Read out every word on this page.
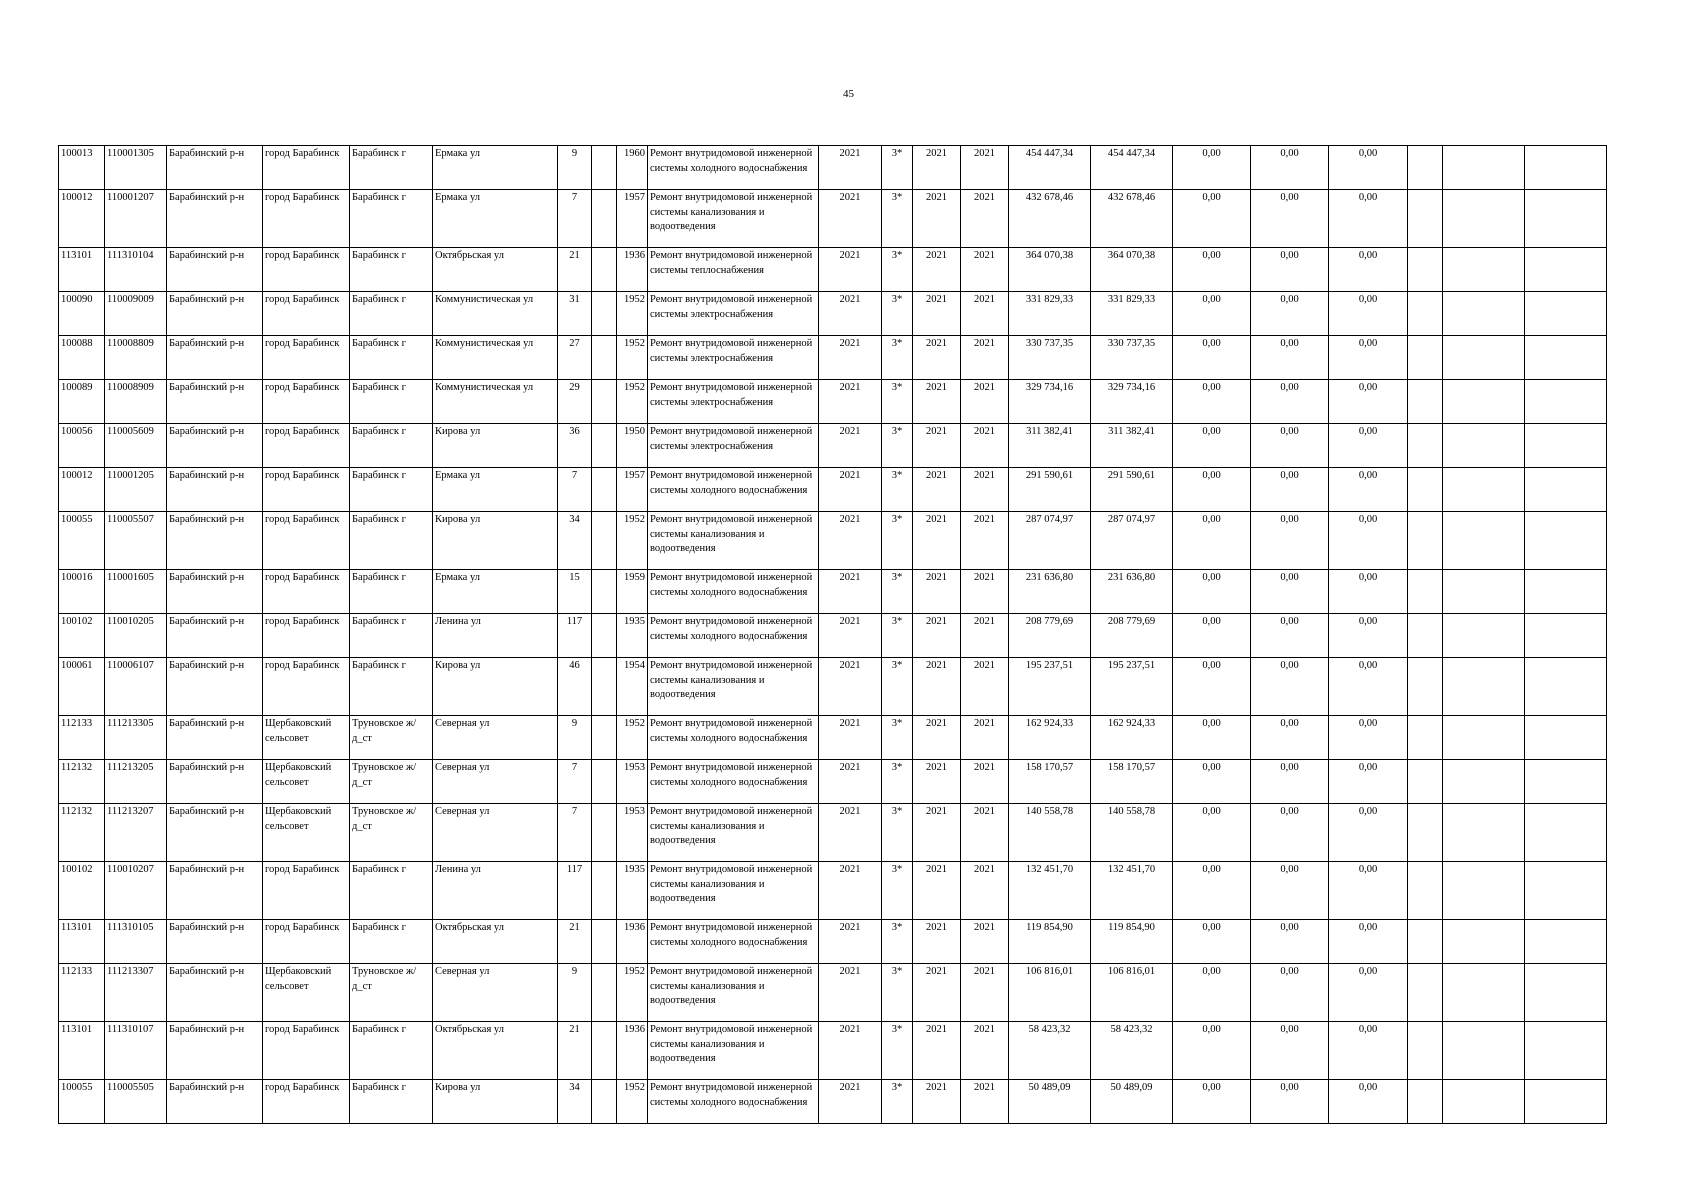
45
100013	110001305	Барабинский р-н	город Барабинск	Барабинск г	Ермака ул	9		1960	Ремонт внутридомовой инженерной системы холодного водоснабжения	2021	3*	2021	2021	454 447,34	454 447,34	0,00	0,00	0,00			
100012	110001207	Барабинский р-н	город Барабинск	Барабинск г	Ермака ул	7		1957	Ремонт внутридомовой инженерной системы канализования и водоотведения	2021	3*	2021	2021	432 678,46	432 678,46	0,00	0,00	0,00			
113101	111310104	Барабинский р-н	город Барабинск	Барабинск г	Октябрьская ул	21		1936	Ремонт внутридомовой инженерной системы теплоснабжения	2021	3*	2021	2021	364 070,38	364 070,38	0,00	0,00	0,00			
100090	110009009	Барабинский р-н	город Барабинск	Барабинск г	Коммунистическая ул	31		1952	Ремонт внутридомовой инженерной системы электроснабжения	2021	3*	2021	2021	331 829,33	331 829,33	0,00	0,00	0,00			
100088	110008809	Барабинский р-н	город Барабинск	Барабинск г	Коммунистическая ул	27		1952	Ремонт внутридомовой инженерной системы электроснабжения	2021	3*	2021	2021	330 737,35	330 737,35	0,00	0,00	0,00			
100089	110008909	Барабинский р-н	город Барабинск	Барабинск г	Коммунистическая ул	29		1952	Ремонт внутридомовой инженерной системы электроснабжения	2021	3*	2021	2021	329 734,16	329 734,16	0,00	0,00	0,00			
100056	110005609	Барабинский р-н	город Барабинск	Барабинск г	Кирова ул	36		1950	Ремонт внутридомовой инженерной системы электроснабжения	2021	3*	2021	2021	311 382,41	311 382,41	0,00	0,00	0,00			
100012	110001205	Барабинский р-н	город Барабинск	Барабинск г	Ермака ул	7		1957	Ремонт внутридомовой инженерной системы холодного водоснабжения	2021	3*	2021	2021	291 590,61	291 590,61	0,00	0,00	0,00			
100055	110005507	Барабинский р-н	город Барабинск	Барабинск г	Кирова ул	34		1952	Ремонт внутридомовой инженерной системы канализования и водоотведения	2021	3*	2021	2021	287 074,97	287 074,97	0,00	0,00	0,00			
100016	110001605	Барабинский р-н	город Барабинск	Барабинск г	Ермака ул	15		1959	Ремонт внутридомовой инженерной системы холодного водоснабжения	2021	3*	2021	2021	231 636,80	231 636,80	0,00	0,00	0,00			
100102	110010205	Барабинский р-н	город Барабинск	Барабинск г	Ленина ул	117		1935	Ремонт внутридомовой инженерной системы холодного водоснабжения	2021	3*	2021	2021	208 779,69	208 779,69	0,00	0,00	0,00			
100061	110006107	Барабинский р-н	город Барабинск	Барабинск г	Кирова ул	46		1954	Ремонт внутридомовой инженерной системы канализования и водоотведения	2021	3*	2021	2021	195 237,51	195 237,51	0,00	0,00	0,00			
112133	111213305	Барабинский р-н	Щербаковский сельсовет	Труновское ж/д_ст	Северная ул	9		1952	Ремонт внутридомовой инженерной системы холодного водоснабжения	2021	3*	2021	2021	162 924,33	162 924,33	0,00	0,00	0,00			
112132	111213205	Барабинский р-н	Щербаковский сельсовет	Труновское ж/д_ст	Северная ул	7		1953	Ремонт внутридомовой инженерной системы холодного водоснабжения	2021	3*	2021	2021	158 170,57	158 170,57	0,00	0,00	0,00			
112132	111213207	Барабинский р-н	Щербаковский сельсовет	Труновское ж/д_ст	Северная ул	7		1953	Ремонт внутридомовой инженерной системы канализования и водоотведения	2021	3*	2021	2021	140 558,78	140 558,78	0,00	0,00	0,00			
100102	110010207	Барабинский р-н	город Барабинск	Барабинск г	Ленина ул	117		1935	Ремонт внутридомовой инженерной системы канализования и водоотведения	2021	3*	2021	2021	132 451,70	132 451,70	0,00	0,00	0,00			
113101	111310105	Барабинский р-н	город Барабинск	Барабинск г	Октябрьская ул	21		1936	Ремонт внутридомовой инженерной системы холодного водоснабжения	2021	3*	2021	2021	119 854,90	119 854,90	0,00	0,00	0,00			
112133	111213307	Барабинский р-н	Щербаковский сельсовет	Труновское ж/д_ст	Северная ул	9		1952	Ремонт внутридомовой инженерной системы канализования и водоотведения	2021	3*	2021	2021	106 816,01	106 816,01	0,00	0,00	0,00			
113101	111310107	Барабинский р-н	город Барабинск	Барабинск г	Октябрьская ул	21		1936	Ремонт внутридомовой инженерной системы канализования и водоотведения	2021	3*	2021	2021	58 423,32	58 423,32	0,00	0,00	0,00			
100055	110005505	Барабинский р-н	город Барабинск	Барабинск г	Кирова ул	34		1952	Ремонт внутридомовой инженерной системы холодного водоснабжения	2021	3*	2021	2021	50 489,09	50 489,09	0,00	0,00	0,00			
